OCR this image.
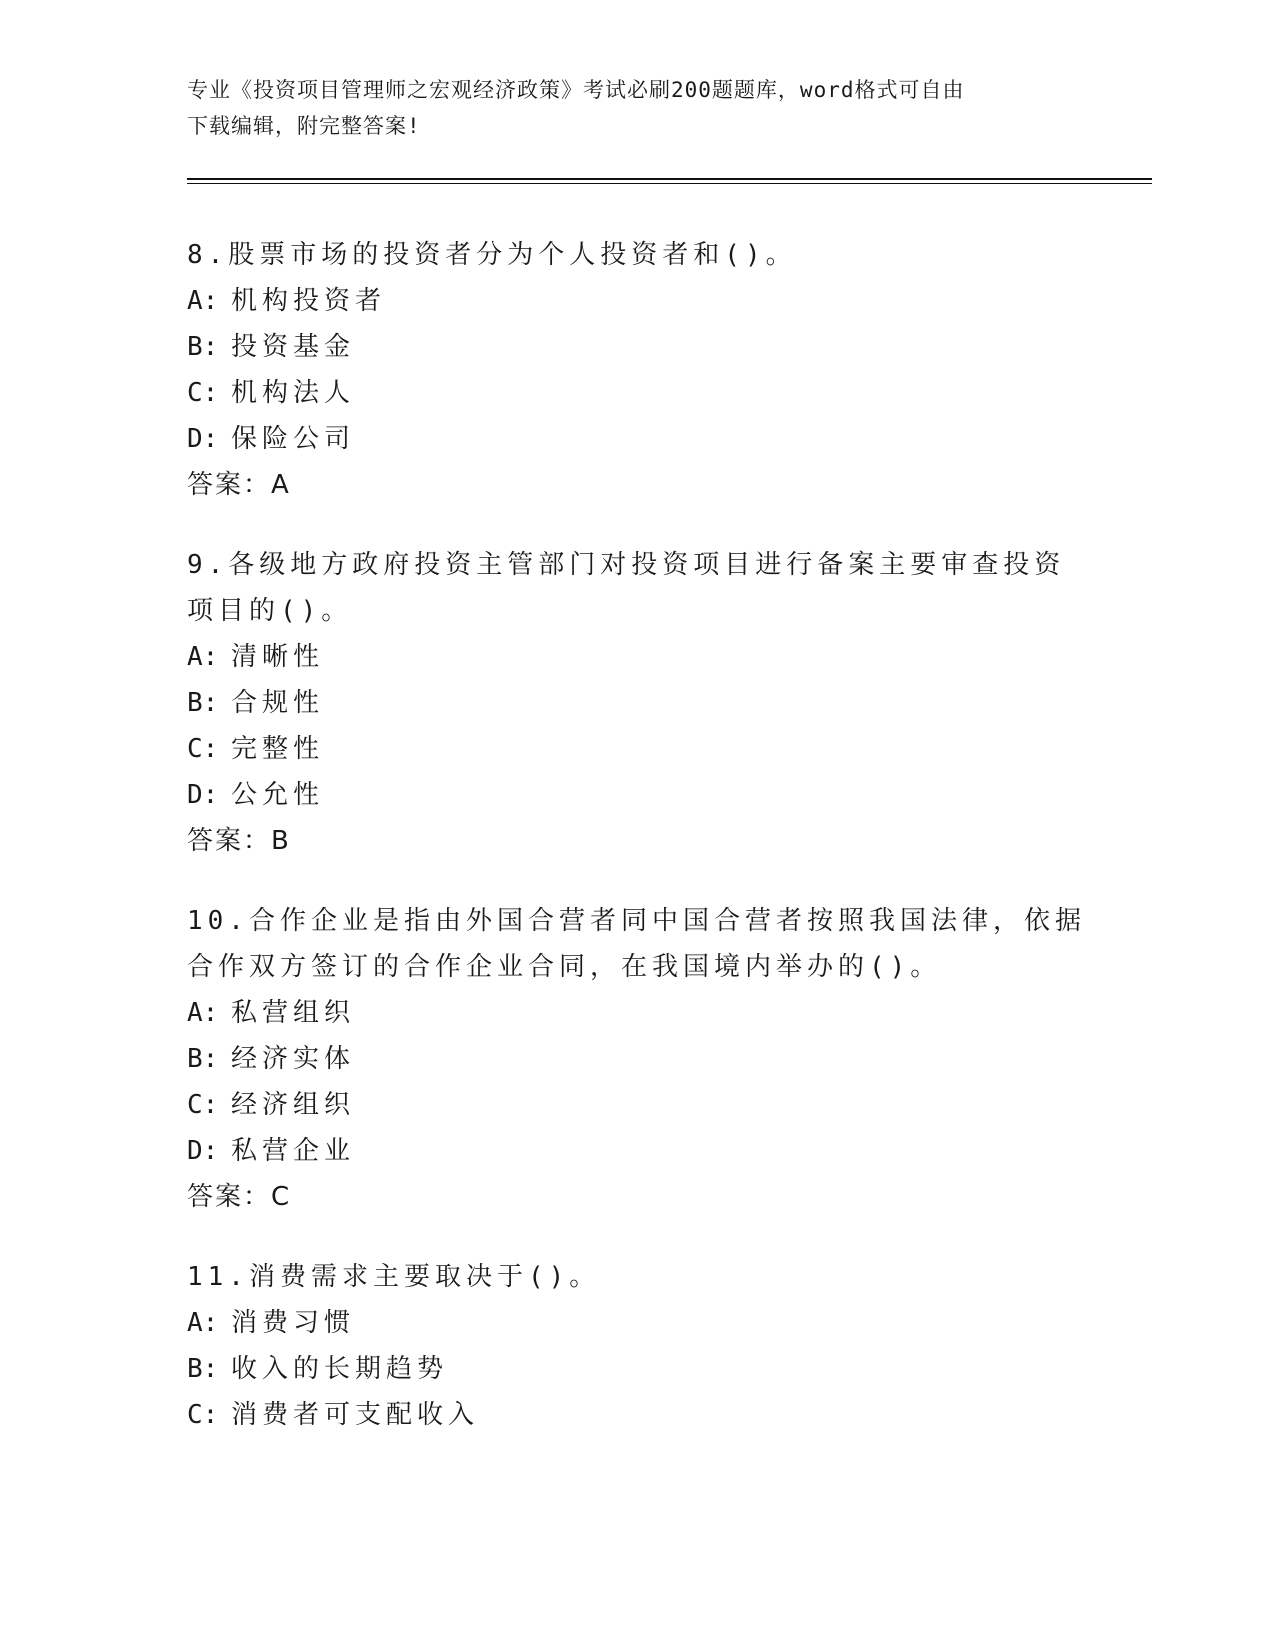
专业《投资项目管理师之宏观经济政策》考试必刷200题题库，word格式可自由
下载编辑，附完整答案!

8.股票市场的投资者分为个人投资者和()。

A: 机构投资者
B: 投资基金
C: 机构法人
D: 保险公司
答案：A

9.各级地方政府投资主管部门对投资项目进行备案主要审查投资项目的()。

A: 清晰性
B: 合规性
C: 完整性
D: 公允性
答案：B

10.合作企业是指由外国合营者同中国合营者按照我国法律，依据合作双方签订的合作企业合同，在我国境内举办的()。

A: 私营组织
B: 经济实体
C: 经济组织
D: 私营企业
答案：C

11.消费需求主要取决于()。

A: 消费习惯
B: 收入的长期趋势
C: 消费者可支配收入
